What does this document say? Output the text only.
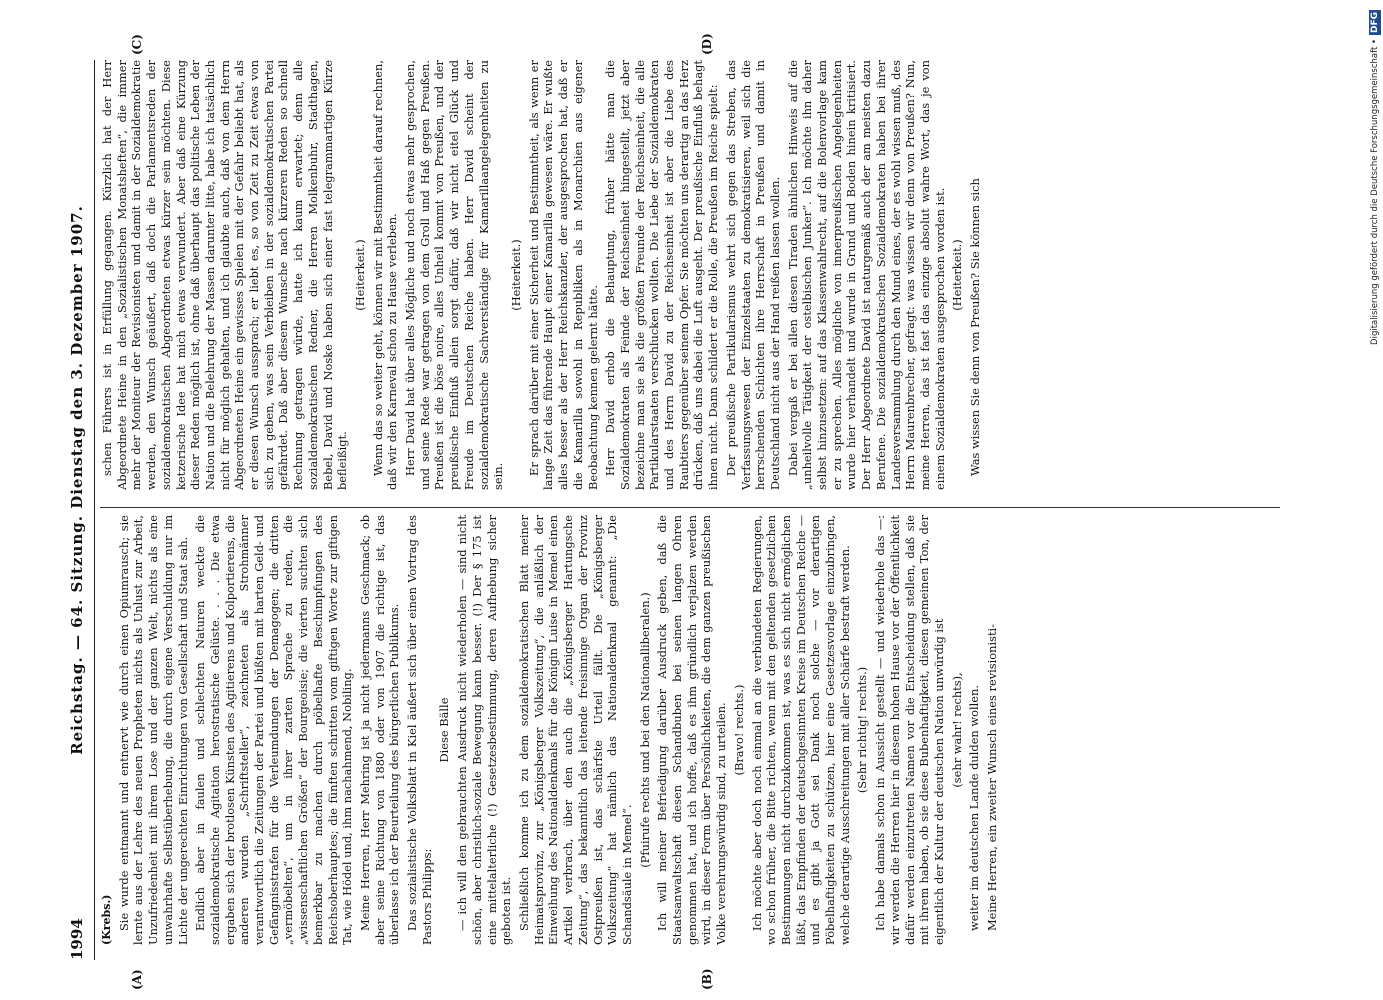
1994
Reichstag. — 64. Sitzung. Dienstag den 3. Dezember 1907.
(A)	(B)
(C)	(D)
(Krebs.) Sie wurde entmannt und entnervt wie durch einen Opiumrausch; sie lernte aus der Lehre des neuen Propheten nichts als Unlust zur Arbeit, Unzufriedenheit mit ihrem Lose und der ganzen Welt, nichts als eine unwahrhafte Selbstüberhebung, die durch eigene Verschuldung nur im Lichte der ungerechten Einrichtungen von Gesellschaft und Staat sah. Endlich aber in faulen und schlechten Naturen weckte die sozialdemokratische Agitation herostratische Gelüste. . . . Die etwa ergaben sich der brotlosen Künsten des Agitierens und Kolportierens, die anderen wurden „Schriftsteller“, zeichneten als Strohmänner verantwortlich die Zeitungen der Partei und büßten mit harten Geld- und Gefängnisstrafen für die Verleumdungen der Demagogen; die dritten „vermöbelten“, um in ihrer zarten Sprache zu reden, die „wissenschaftlichen Größen“ der Bourgeoisie; die vierten suchten sich bemerkbar zu machen durch pöbelhafte Beschimpfungen des Reichsoberhauptes; die fünften schritten vom giftigen Worte zur giftigen Tat, wie Hödel und, ihm nachahmend, Nobiling. Meine Herren, Herr Mehring ist ja nicht jedermanns Geschmack; ob aber seine Richtung von 1880 oder von 1907 die richtige ist, das überlasse ich der Beurteilung des bürgerlichen Publikums. Das sozialistische Volksblatt in Kiel äußert sich über einen Vortrag des Pastors Philipps:

Diese Bälle — ich will den gebrauchten Ausdruck nicht wiederholen — sind nicht schön, aber christlich-soziale Bewegung kann besser. (!) Der § 175 ist eine mittelalterliche (!) Gesetzesbestimmung, deren Aufhebung sicher geboten ist. Schließlich komme ich zu dem sozialdemokratischen Blatt meiner Heimatsprovinz, zur „Königsberger Volkszeitung“, die anläßlich der Einweihung des Nationaldenkmals für die Königin Luise in Memel einen Artikel verbrach, über den auch die „Königsberger Hartungsche Zeitung“, das bekanntlich das leitende freisinnige Organ der Provinz Ostpreußen ist, das schärfste Urteil fällt. Die „Königsberger Volkszeitung“ hat nämlich das Nationaldenkmal genannt: „Die Schandsäule in Memel“.

(Pfuirufe rechts und bei den Nationalliberalen.) Ich will meiner Befriedigung darüber Ausdruck geben, daß die Staatsanwaltschaft diesen Schandbuben bei seinen langen Ohren genommen hat, und ich hoffe, daß es ihm gründlich verjalzen werden wird, in dieser Form über Persönlichkeiten, die dem ganzen preußischen Volke verehrungswürdig sind, zu urteilen. (Bravo! rechts.) Ich möchte aber doch noch einmal an die verbündeten Regierungen, wo schon früher, die Bitte richten, wenn mit den geltenden gesetzlichen Bestimmungen nicht durchzukommen ist, was es sich nicht ermöglichen läßt, das Empfinden der deutschgesinnten Kreise im Deutschen Reiche — und es gibt ja Gott sei Dank noch solche — vor derartigen Pöbelhaftigkeiten zu schützen, hier eine Gesetzesvorlage einzubringen, welche derartige Ausschreitungen mit aller Schärfe bestraft werden. (Sehr richtig! rechts.) Ich habe damals schon in Aussicht gestellt — und wiederhole das —: wir werden die Herren hier in diesem hohen Hause vor der Öffentlichkeit dafür werden einzutreten Namen vor die Entscheidung stellen, daß sie mit ihrem haben, ob sie diese Bubenhaftigkeit, diesen gemeinen Ton, der eigentlich der Kultur der deutschen Nation unwürdig ist (sehr wahr! rechts), weiter im deutschen Lande dulden wollen. Meine Herren, ein zweiter Wunsch eines revisionisti-

schen Führers ist in Erfüllung gegangen. Kürzlich hat der Herr Abgeordnete Heine in den „Sozialistischen Monatsheften“, die immer mehr der Moniteur der Revisionisten und damit in der Sozialdemokratie werden, den Wunsch geäußert, daß doch die Parlamentsreden der sozialdemokratischen Abgeordneten etwas kürzer sein möchten. Diese ketzerische Idee hat mich etwas verwundert. Aber daß eine Kürzung dieser Reden möglich ist, ohne daß überhaupt das politische Leben der Nation und die Belehrung der Massen darunter litte, habe ich tatsächlich nicht für möglich gehalten, und ich glaubte auch, daß von dem Herrn Abgeordneten Heine ein gewisses Spielen mit der Gefahr beliebt hat, als er diesen Wunsch aussprach; er liebt es, so von Zeit zu Zeit etwas von sich zu geben, was sein Verbleiben in der sozialdemokratischen Partei gefährdet. Daß aber diesem Wunsche nach kürzeren Reden so schnell Rechnung getragen würde, hatte ich kaum erwartet; denn alle sozialdemokratischen Redner, die Herren Molkenbuhr, Stadthagen, Bebel, David und Noske haben sich einer fast telegrammartigen Kürze befleißigt.

(Heiterkeit.) Wenn das so weiter geht, können wir mit Bestimmtheit darauf rechnen, daß wir den Karneval schon zu Hause verleben. Herr David hat über alles Mögliche und noch etwas mehr gesprochen, und seine Rede war getragen von dem Groll und Haß gegen Preußen. Preußen ist die böse noire, alles Unheil kommt von Preußen, und der preußische Einfluß allein sorgt dafür, daß wir nicht eitel Glück und Freude im Deutschen Reiche haben. Herr David scheint der sozialdemokratische Sachverständige für Kamarillaangelegenheiten zu sein.

(Heiterkeit.) Er sprach darüber mit einer Sicherheit und Bestimmtheit, als wenn er lange Zeit das führende Haupt einer Kamarilla gewesen wäre. Er wußte alles besser als der Herr Reichskanzler, der ausgesprochen hat, daß er die Kamarilla sowohl in Republiken als in Monarchien aus eigener Beobachtung kennen gelernt hätte. Herr David erhob die Behauptung, früher hätte man die Sozialdemokraten als Feinde der Reichseinheit hingestellt, jetzt aber bezeichne man sie als die größten Freunde der Reichseinheit, die alle Partikularstaaten verschlucken wollten. Die Liebe der Sozialdemokraten und des Herrn David zu der Reichseinheit ist aber die Liebe des Raubtiers gegenüber seinem Opfer. Sie möchten uns derartig an das Herz drücken, daß uns dabei die Luft ausgeht. Der preußische Einfluß behagt ihnen nicht. Dann schildert er die Rolle, die Preußen im Reiche spielt: Der preußische Partikularismus wehrt sich gegen das Streben, das Verfassungswesen der Einzelstaaten zu demokratisieren, weil sich die herrschenden Schichten ihre Herrschaft in Preußen und damit in Deutschland nicht aus der Hand reißen lassen wollen. Dabei vergaß er bei allen diesen Tiraden ähnlichen Hinweis auf die „unheilvolle Tätigkeit der ostelbischen Junker“. Ich möchte ihn daher selbst hinzusetzen: auf das Klassenwahlrecht, auf die Bolenvorlage kam er zu sprechen. Alles mögliche von innerpreußischen Angelegenheiten wurde hier verhandelt und wurde in Grund und Boden hinein kritisiert. Der Herr Abgeordnete David ist naturgemäß auch der am meisten dazu Berufene. Die sozialdemokratischen Sozialdemokraten haben bei ihrer Landesversammlung durch den Mund eines, der es wohl wissen muß, des Herrn Maurenbrecher, gefragt: was wissen wir denn von Preußen? Nun, meine Herren, das ist fast das einzige absolut wahre Wort, das je von einem Sozialdemokraten ausgesprochen worden ist. (Heiterkeit.) Was wissen Sie denn von Preußen? Sie können sich

DFG
Digitalisierung gefördert durch die Deutsche Forschungsgemeinschaft •
